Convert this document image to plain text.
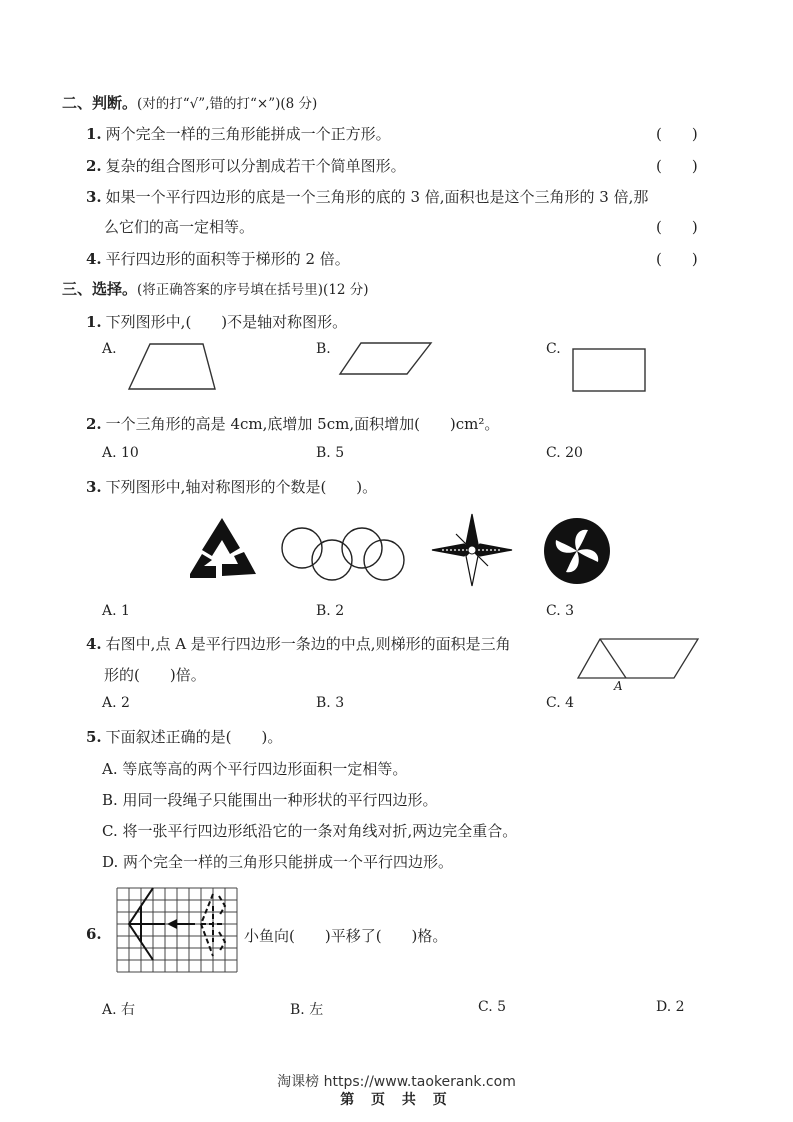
二、判断。(对的打“√”,错的打“×”)(8 分)
1. 两个完全一样的三角形能拼成一个正方形。	(　　)
2. 复杂的组合图形可以分割成若干个简单图形。	(　　)
3. 如果一个平行四边形的底是一个三角形的底的 3 倍,面积也是这个三角形的 3 倍,那
么它们的高一定相等。	(　　)
4. 平行四边形的面积等于梯形的 2 倍。	(　　)
三、选择。(将正确答案的序号填在括号里)(12 分)
1. 下列图形中,(　　)不是轴对称图形。
A.	B.	C.
2. 一个三角形的高是 4cm,底增加 5cm,面积增加(　　)cm²。
A. 10	B. 5	C. 20
3. 下列图形中,轴对称图形的个数是(　　)。
A. 1	B. 2	C. 3
4. 右图中,点 A 是平行四边形一条边的中点,则梯形的面积是三角
形的(　　)倍。
A
A. 2	B. 3	C. 4
5. 下面叙述正确的是(　　)。
A. 等底等高的两个平行四边形面积一定相等。
B. 用同一段绳子只能围出一种形状的平行四边形。
C. 将一张平行四边形纸沿它的一条对角线对折,两边完全重合。
D. 两个完全一样的三角形只能拼成一个平行四边形。
6.	小鱼向(　　)平移了(　　)格。
A. 右	B. 左	C. 5	D. 2
淘课榜 https://www.taokerank.com
第 页 共 页
